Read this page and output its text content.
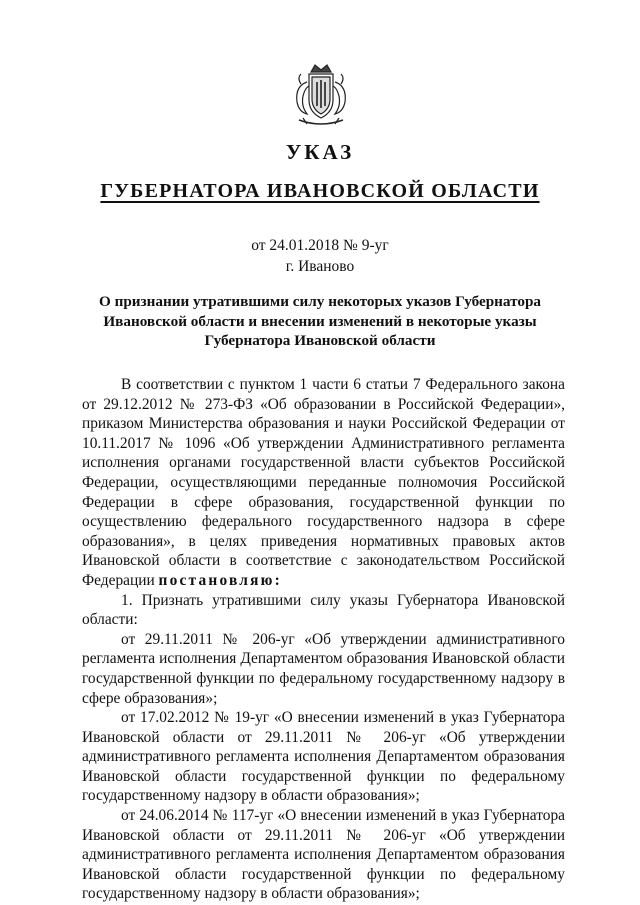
УКАЗ
ГУБЕРНАТОРА ИВАНОВСКОЙ ОБЛАСТИ
от 24.01.2018 № 9-уг
г. Иваново

О признании утратившими силу некоторых указов Губернатора Ивановской области и внесении изменений в некоторые указы Губернатора Ивановской области

В соответствии с пунктом 1 части 6 статьи 7 Федерального закона от 29.12.2012 № 273-ФЗ «Об образовании в Российской Федерации», приказом Министерства образования и науки Российской Федерации от 10.11.2017 № 1096 «Об утверждении Административного регламента исполнения органами государственной власти субъектов Российской Федерации, осуществляющими переданные полномочия Российской Федерации в сфере образования, государственной функции по осуществлению федерального государственного надзора в сфере образования», в целях приведения нормативных правовых актов Ивановской области в соответствие с законодательством Российской Федерации постановляю:

1. Признать утратившими силу указы Губернатора Ивановской области:

от 29.11.2011 № 206-уг «Об утверждении административного регламента исполнения Департаментом образования Ивановской области государственной функции по федеральному государственному надзору в сфере образования»;

от 17.02.2012 № 19-уг «О внесении изменений в указ Губернатора Ивановской области от 29.11.2011 № 206-уг «Об утверждении административного регламента исполнения Департаментом образования Ивановской области государственной функции по федеральному государственному надзору в области образования»;

от 24.06.2014 № 117-уг «О внесении изменений в указ Губернатора Ивановской области от 29.11.2011 № 206-уг «Об утверждении административного регламента исполнения Департаментом образования Ивановской области государственной функции по федеральному государственному надзору в области образования»;
